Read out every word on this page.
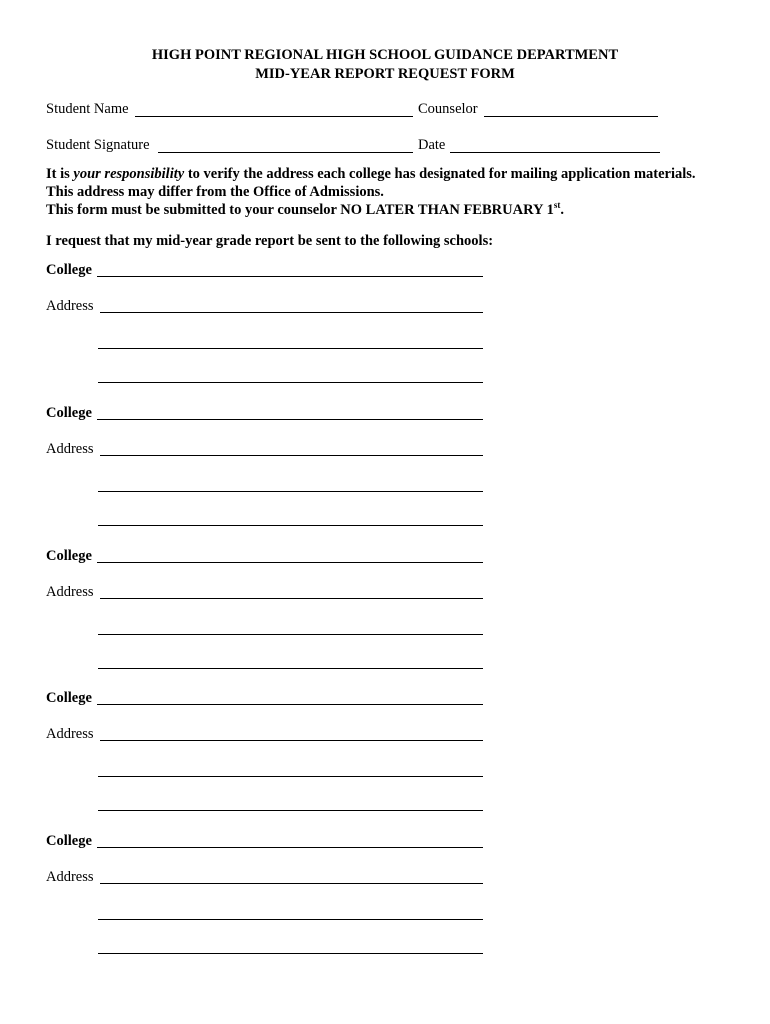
HIGH POINT REGIONAL HIGH SCHOOL GUIDANCE DEPARTMENT
MID-YEAR REPORT REQUEST FORM
Student Name	Counselor
Student Signature	Date
It is your responsibility to verify the address each college has designated for mailing application materials.
This address may differ from the Office of Admissions.
This form must be submitted to your counselor NO LATER THAN FEBRUARY 1st.
I request that my mid-year grade report be sent to the following schools:
College
Address
College
Address
College
Address
College
Address
College
Address
